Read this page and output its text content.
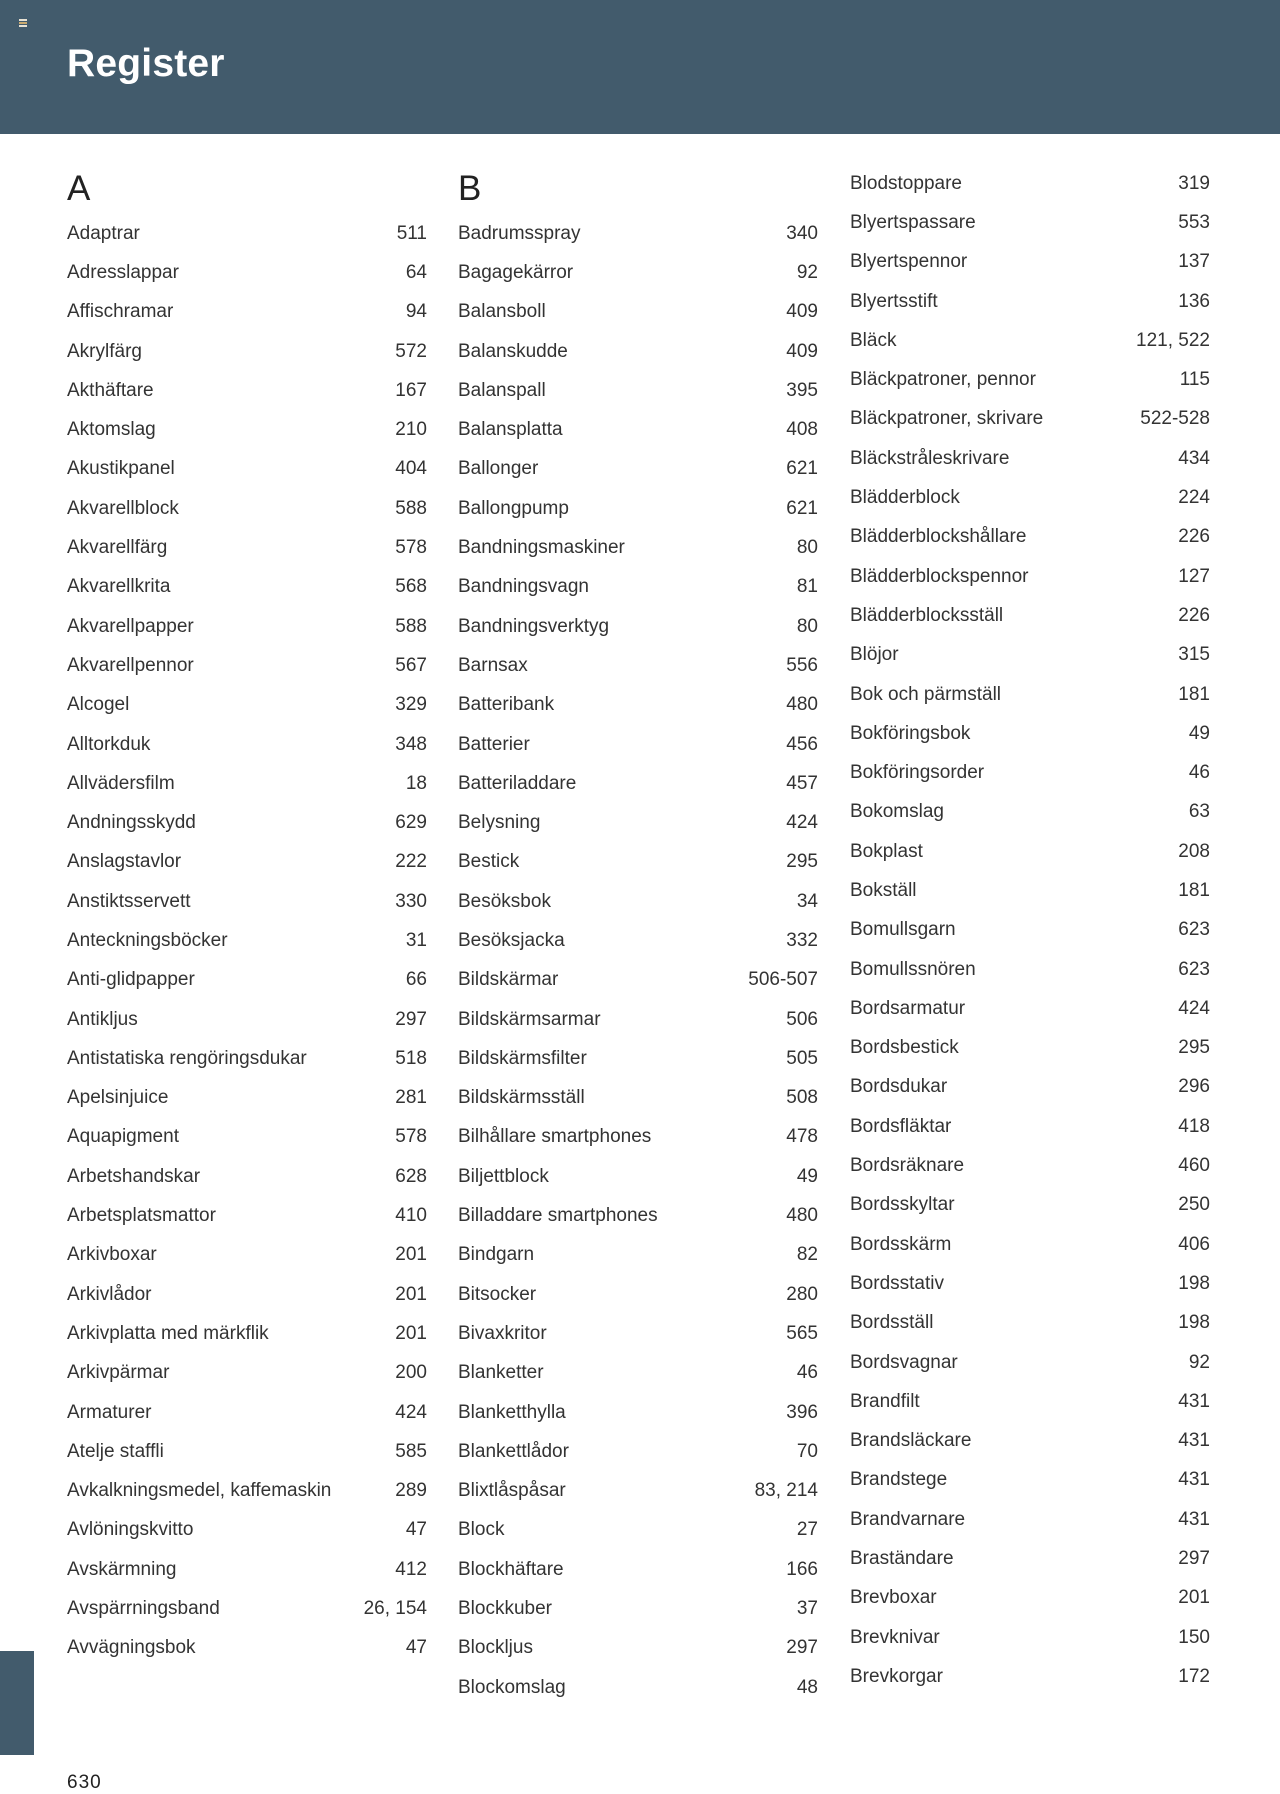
Register
A
Adaptrar	511
Adresslappar	64
Affischramar	94
Akrylfärg	572
Akthäftare	167
Aktomslag	210
Akustikpanel	404
Akvarellblock	588
Akvarellfärg	578
Akvarellkrita	568
Akvarellpapper	588
Akvarellpennor	567
Alcogel	329
Alltorkduk	348
Allvädersfilm	18
Andningsskydd	629
Anslagstavlor	222
Anstiktsservett	330
Anteckningsböcker	31
Anti-glidpapper	66
Antikljus	297
Antistatiska rengöringsdukar	518
Apelsinjuice	281
Aquapigment	578
Arbetshandskar	628
Arbetsplatsmattor	410
Arkivboxar	201
Arkivlådor	201
Arkivplatta med märkflik	201
Arkivpärmar	200
Armaturer	424
Atelje staffli	585
Avkalkningsmedel, kaffemaskin	289
Avlöningskvitto	47
Avskärmning	412
Avspärrningsband	26, 154
Avvägningsbok	47
B
Badrumsspray	340
Bagagekärror	92
Balansboll	409
Balanskudde	409
Balanspall	395
Balansplatta	408
Ballonger	621
Ballongpump	621
Bandningsmaskiner	80
Bandningsvagn	81
Bandningsverktyg	80
Barnsax	556
Batteribank	480
Batterier	456
Batteriladdare	457
Belysning	424
Bestick	295
Besöksbok	34
Besöksjacka	332
Bildskärmar	506-507
Bildskärmsarmar	506
Bildskärmsfilter	505
Bildskärmsställ	508
Bilhållare smartphones	478
Biljettblock	49
Billaddare smartphones	480
Bindgarn	82
Bitsocker	280
Bivaxkritor	565
Blanketter	46
Blanketthylla	396
Blankettlådor	70
Blixtlåspåsar	83, 214
Block	27
Blockhäftare	166
Blockkuber	37
Blockljus	297
Blockomslag	48
Blodstoppare	319
Blyertspassare	553
Blyertspennor	137
Blyertsstift	136
Bläck	121, 522
Bläckpatroner, pennor	115
Bläckpatroner, skrivare	522-528
Bläckstråleskrivare	434
Blädderblock	224
Blädderblockshållare	226
Blädderblockspennor	127
Blädderblocksställ	226
Blöjor	315
Bok och pärmställ	181
Bokföringsbok	49
Bokföringsorder	46
Bokomslag	63
Bokplast	208
Bokställ	181
Bomullsgarn	623
Bomullssnören	623
Bordsarmatur	424
Bordsbestick	295
Bordsdukar	296
Bordsfläktar	418
Bordsräknare	460
Bordsskyltar	250
Bordsskärm	406
Bordsstativ	198
Bordsställ	198
Bordsvagnar	92
Brandfilt	431
Brandsläckare	431
Brandstege	431
Brandvarnare	431
Braständare	297
Brevboxar	201
Brevknivar	150
Brevkorgar	172
630
